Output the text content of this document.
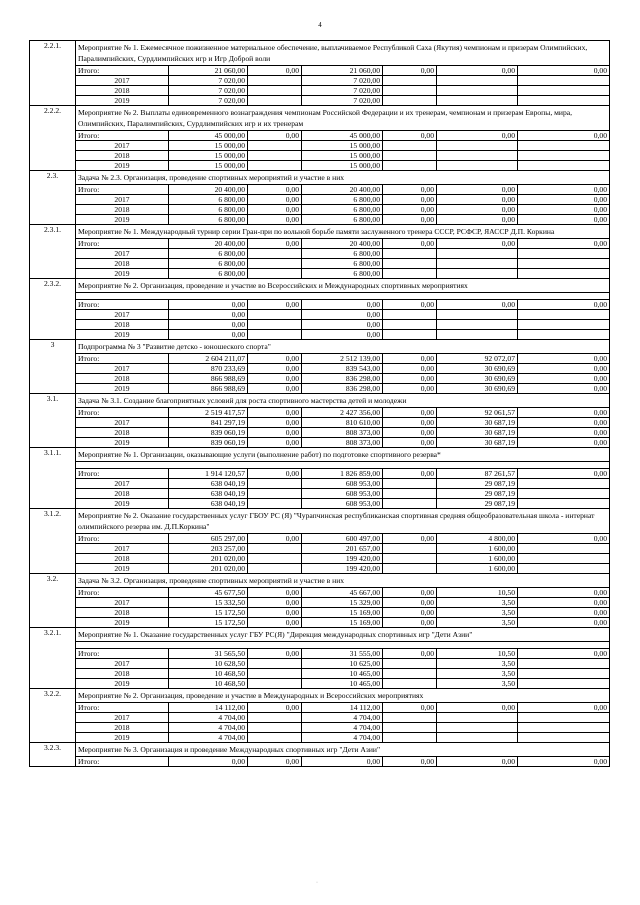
4
2.2.1.	Мероприятие № 1. Ежемесячное пожизненное материальное обеспечение, выплачиваемое Республикой Саха (Якутия) чемпионам и призерам Олимпийских, Паралимпийских, Сурдлимпийских игр и Игр Доброй воли						
	Итого:	21 060,00	0,00	21 060,00	0,00	0,00	0,00
	2017	7 020,00		7 020,00			
	2018	7 020,00		7 020,00			
	2019	7 020,00		7 020,00			
2.2.2.	Мероприятие № 2. Выплаты единовременного вознаграждения чемпионам Российской Федерации и их тренерам, чемпионам и призерам Европы, мира, Олимпийских, Паралимпийских, Сурдлимпийских игр и их тренерам						
	Итого:	45 000,00	0,00	45 000,00	0,00	0,00	0,00
	2017	15 000,00		15 000,00			
	2018	15 000,00		15 000,00			
	2019	15 000,00		15 000,00			
2.3.	Задача № 2.3. Организация, проведение спортивных мероприятий и участие в них						
	Итого:	20 400,00	0,00	20 400,00	0,00	0,00	0,00
	2017	6 800,00	0,00	6 800,00	0,00	0,00	0,00
	2018	6 800,00	0,00	6 800,00	0,00	0,00	0,00
	2019	6 800,00	0,00	6 800,00	0,00	0,00	0,00
2.3.1.	Мероприятие № 1. Международный турнир серии Гран-при по вольной борьбе памяти заслуженного тренера СССР, РСФСР, ЯАССР Д.П. Коркина						
	Итого:	20 400,00	0,00	20 400,00	0,00	0,00	0,00
	2017	6 800,00		6 800,00			
	2018	6 800,00		6 800,00			
	2019	6 800,00		6 800,00			
2.3.2.	Мероприятие № 2. Организация, проведение и участие во Всероссийских и Международных спортивных мероприятиях						

	Итого:	0,00	0,00	0,00	0,00	0,00	0,00
	2017	0,00		0,00			
	2018	0,00		0,00			
	2019	0,00		0,00			
3	Подпрограмма № 3 "Развитие детско - юношеского спорта"						
	Итого:	2 604 211,07	0,00	2 512 139,00	0,00	92 072,07	0,00
	2017	870 233,69	0,00	839 543,00	0,00	30 690,69	0,00
	2018	866 988,69	0,00	836 298,00	0,00	30 690,69	0,00
	2019	866 988,69	0,00	836 298,00	0,00	30 690,69	0,00
3.1.	Задача № 3.1. Создание благоприятных условий для роста спортивного мастерства детей и молодежи						
	Итого:	2 519 417,57	0,00	2 427 356,00	0,00	92 061,57	0,00
	2017	841 297,19	0,00	810 610,00	0,00	30 687,19	0,00
	2018	839 060,19	0,00	808 373,00	0,00	30 687,19	0,00
	2019	839 060,19	0,00	808 373,00	0,00	30 687,19	0,00
3.1.1.	Мероприятие № 1. Организации, оказывающие услуги (выполнение работ) по подготовке спортивного резерва*						

	Итого:	1 914 120,57	0,00	1 826 859,00	0,00	87 261,57	0,00
	2017	638 040,19		608 953,00		29 087,19	
	2018	638 040,19		608 953,00		29 087,19	
	2019	638 040,19		608 953,00		29 087,19	
3.1.2.	Мероприятие № 2. Оказание государственных услуг ГБОУ РС (Я) "Чурапчинская республиканская спортивная средняя общеобразовательная школа - интернат олимпийского резерва им. Д.П.Коркина"						
	Итого:	605 297,00	0,00	600 497,00	0,00	4 800,00	0,00
	2017	203 257,00		201 657,00		1 600,00	
	2018	201 020,00		199 420,00		1 600,00	
	2019	201 020,00		199 420,00		1 600,00	
3.2.	Задача № 3.2. Организация, проведение спортивных мероприятий и участие в них						
	Итого:	45 677,50	0,00	45 667,00	0,00	10,50	0,00
	2017	15 332,50	0,00	15 329,00	0,00	3,50	0,00
	2018	15 172,50	0,00	15 169,00	0,00	3,50	0,00
	2019	15 172,50	0,00	15 169,00	0,00	3,50	0,00
3.2.1.	Мероприятие № 1. Оказание государственных услуг ГБУ РС(Я) "Дирекция международных спортивных игр "Дети Азии"						

	Итого:	31 565,50	0,00	31 555,00	0,00	10,50	0,00
	2017	10 628,50		10 625,00		3,50	
	2018	10 468,50		10 465,00		3,50	
	2019	10 468,50		10 465,00		3,50	
3.2.2.	Мероприятие № 2. Организация, проведение и участие в Международных и Всероссийских мероприятиях						
	Итого:	14 112,00	0,00	14 112,00	0,00	0,00	0,00
	2017	4 704,00		4 704,00			
	2018	4 704,00		4 704,00			
	2019	4 704,00		4 704,00			
3.2.3.	Мероприятие № 3. Организация и проведение Международных спортивных игр "Дети Азии"						
	Итого:	0,00	0,00	0,00	0,00	0,00	0,00
·
